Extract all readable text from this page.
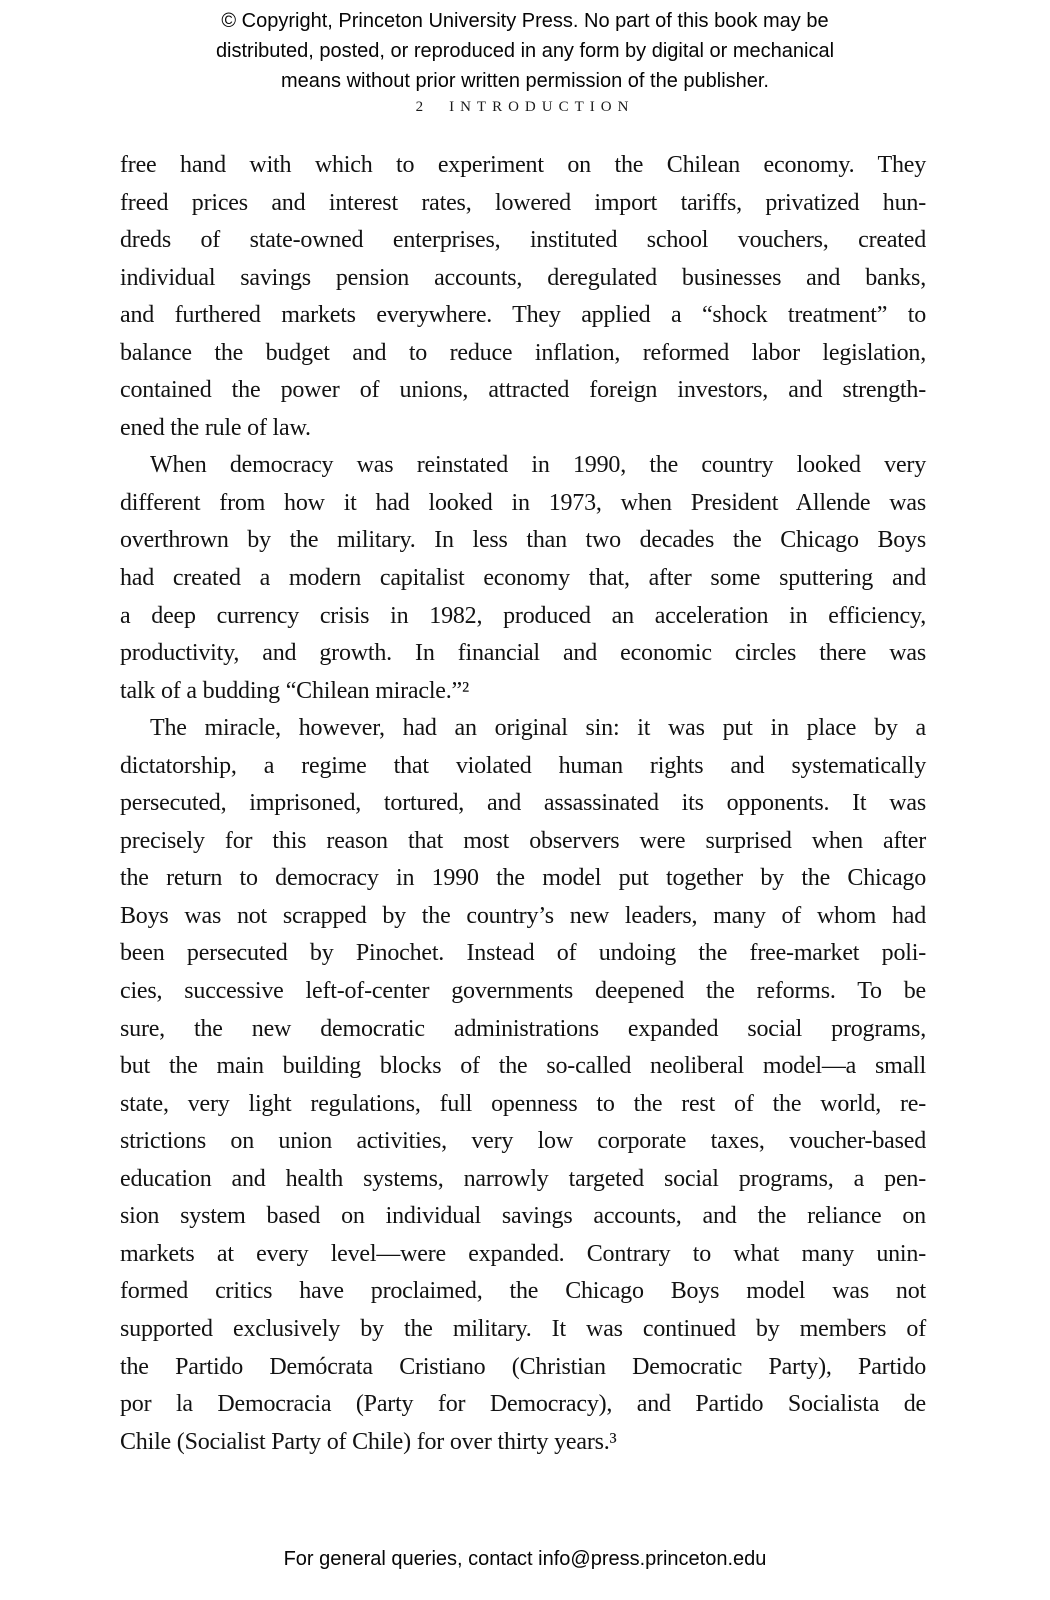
© Copyright, Princeton University Press. No part of this book may be
distributed, posted, or reproduced in any form by digital or mechanical
means without prior written permission of the publisher.
2 INTRODUCTION
free hand with which to experiment on the Chilean economy. They
freed prices and interest rates, lowered import tariffs, privatized hun-
dreds of state-owned enterprises, instituted school vouchers, created
individual savings pension accounts, deregulated businesses and banks,
and furthered markets everywhere. They applied a “shock treatment” to
balance the budget and to reduce inflation, reformed labor legislation,
contained the power of unions, attracted foreign investors, and strength-
ened the rule of law.
When democracy was reinstated in 1990, the country looked very
different from how it had looked in 1973, when President Allende was
overthrown by the military. In less than two decades the Chicago Boys
had created a modern capitalist economy that, after some sputtering and
a deep currency crisis in 1982, produced an acceleration in efficiency,
productivity, and growth. In financial and economic circles there was
talk of a budding “Chilean miracle.”²
The miracle, however, had an original sin: it was put in place by a
dictatorship, a regime that violated human rights and systematically
persecuted, imprisoned, tortured, and assassinated its opponents. It was
precisely for this reason that most observers were surprised when after
the return to democracy in 1990 the model put together by the Chicago
Boys was not scrapped by the country’s new leaders, many of whom had
been persecuted by Pinochet. Instead of undoing the free-market poli-
cies, successive left-of-center governments deepened the reforms. To be
sure, the new democratic administrations expanded social programs,
but the main building blocks of the so-called neoliberal model—a small
state, very light regulations, full openness to the rest of the world, re-
strictions on union activities, very low corporate taxes, voucher-based
education and health systems, narrowly targeted social programs, a pen-
sion system based on individual savings accounts, and the reliance on
markets at every level—were expanded. Contrary to what many unin-
formed critics have proclaimed, the Chicago Boys model was not
supported exclusively by the military. It was continued by members of
the Partido Demócrata Cristiano (Christian Democratic Party), Partido
por la Democracia (Party for Democracy), and Partido Socialista de
Chile (Socialist Party of Chile) for over thirty years.³
For general queries, contact info@press.princeton.edu
